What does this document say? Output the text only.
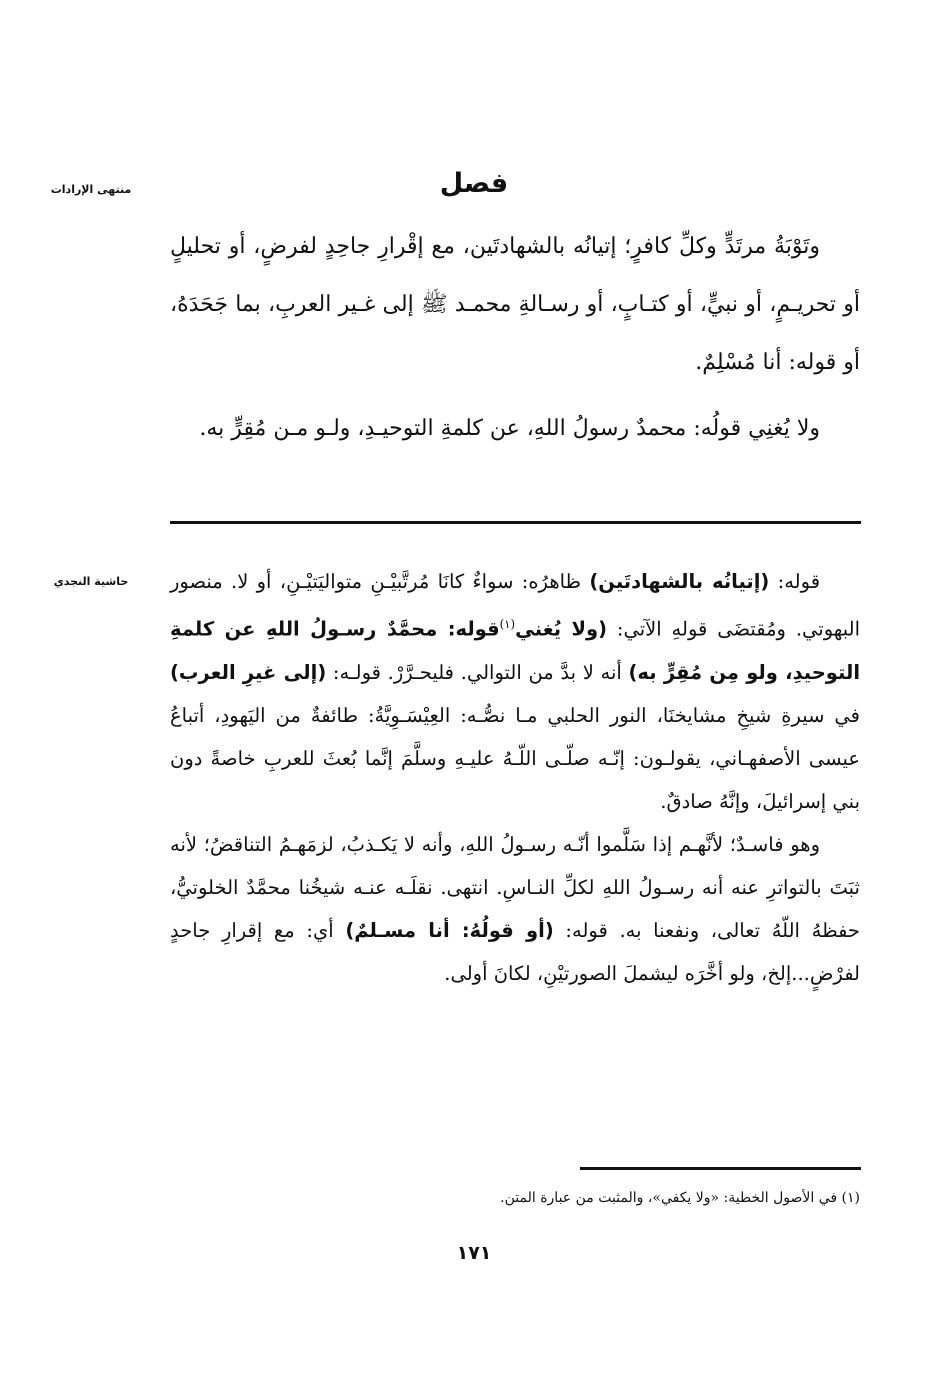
منتهى الإرادات	فصل

وتَوْبَةُ مرتَدٍّ وكلِّ كافرٍ؛ إتيانُه بالشهادتَين، مع إقْرارِ جاحِدٍ لفرضٍ، أو تحليلٍ أو تحريـمٍ، أو نبيٍّ، أو كتـابٍ، أو رسـالةِ محمـد ﷺ إلى غـير العربِ، بما جَحَدَهُ، أو قوله: أنا مُسْلِمٌ.

ولا يُغنِي قولُه: محمدٌ رسولُ اللهِ، عن كلمةِ التوحيـدِ، ولـو مـن مُقِرٍّ به.

حاشية النجدي	قوله: (إتيانُه بالشهادتَين) ظاهرُه: سواءٌ كانَا مُرتَّبيْـنِ متواليَتيْـنِ، أو لا. منصور البهوتي. ومُقتضَى قولهِ الآتي: (ولا يُغني$^{(١)}$قوله: محمَّدٌ رسـولُ اللهِ عن كلمةِ التوحيدِ، ولو مِن مُقِرٍّ به) أنه لا بدَّ من التوالي. فليحـرَّرْ. قولـه: (إلى غيرِ العرب) في سيرةِ شيخِ مشايخنَا، النور الحلبي مـا نصُّـه: العِيْسَـوِيَّةُ: طائفةٌ من اليَهودِ، أتباعُ عيسى الأصفهـاني، يقولـون: إنّـه صلّـى اللّـهُ عليـهِ وسلَّمَ إنَّما بُعثَ للعربِ خاصةً دون بني إسرائيلَ، وإنَّهُ صادقٌ.

وهو فاسـدٌ؛ لأنَّهـم إذا سَلَّموا أنّـه رسـولُ اللهِ، وأنه لا يَكـذبُ، لزمَهـمُ التناقضُ؛ لأنه ثبَتَ بالتواترِ عنه أنه رسـولُ اللهِ لكلِّ النـاسِ. انتهى. نقلَـه عنـه شيخُنا محمَّدٌ الخلوتيُّ، حفظهُ اللّهُ تعالى، ونفعنا به. قوله: (أو قولُهُ: أنا مسـلمٌ) أي: مع إقرارِ جاحدٍ لفرْضٍ...إلخ، ولو أخَّرَه ليشملَ الصورتيْنِ، لكانَ أولى.

(١) في الأصول الخطية: «ولا يكفي»، والمثبت من عبارة المتن.
١٧١
